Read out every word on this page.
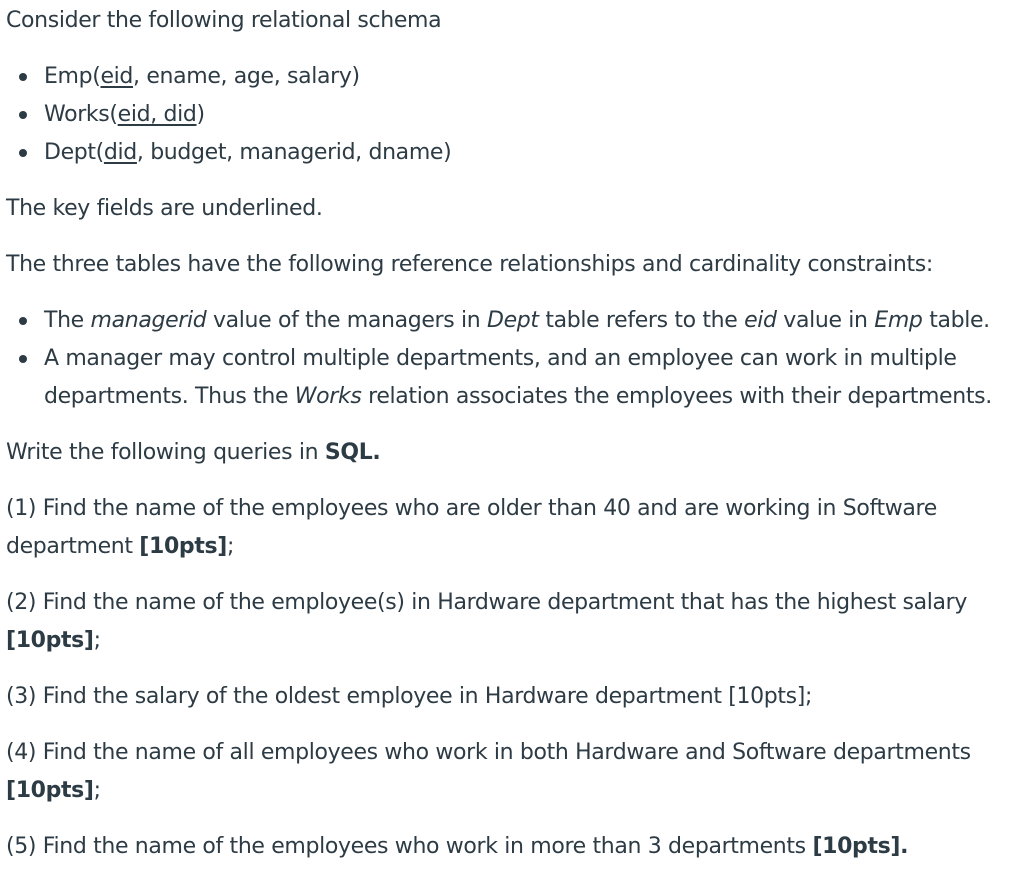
Consider the following relational schema

Emp(eid, ename, age, salary)
Works(eid, did)
Dept(did, budget, managerid, dname)

The key fields are underlined.

The three tables have the following reference relationships and cardinality constraints:

The managerid value of the managers in Dept table refers to the eid value in Emp table.
A manager may control multiple departments, and an employee can work in multiple departments. Thus the Works relation associates the employees with their departments.

Write the following queries in SQL.

(1) Find the name of the employees who are older than 40 and are working in Software department [10pts];

(2) Find the name of the employee(s) in Hardware department that has the highest salary [10pts];

(3) Find the salary of the oldest employee in Hardware department [10pts];

(4) Find the name of all employees who work in both Hardware and Software departments [10pts];

(5) Find the name of the employees who work in more than 3 departments [10pts].
